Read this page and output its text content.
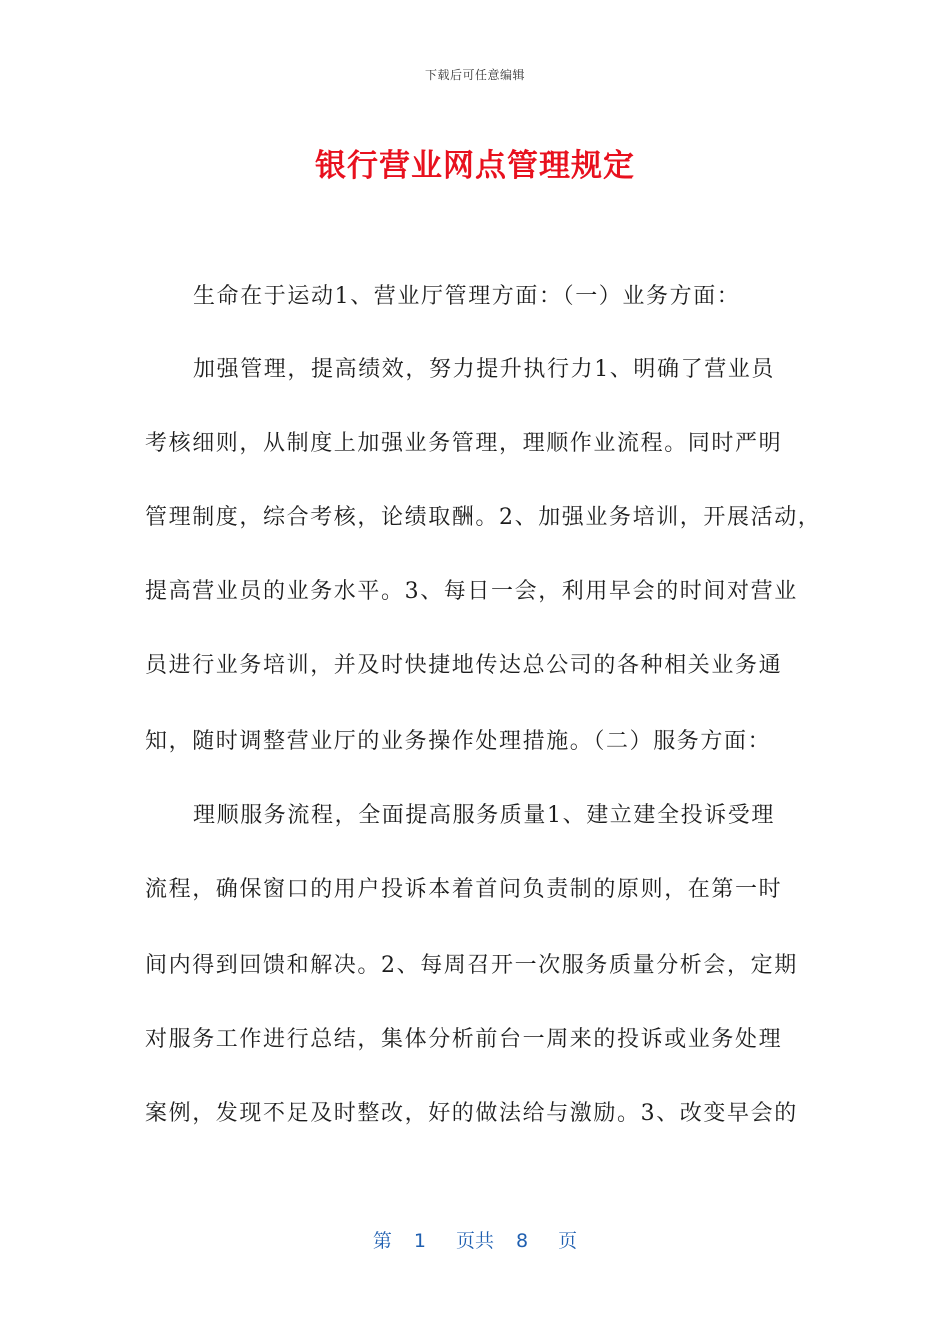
下载后可任意编辑
银行营业网点管理规定
生命在于运动1、营业厅管理方面：（一）业务方面：
加强管理，提高绩效，努力提升执行力1、明确了营业员
考核细则，从制度上加强业务管理，理顺作业流程。同时严明
管理制度，综合考核，论绩取酬。2、加强业务培训，开展活动，
提高营业员的业务水平。3、每日一会，利用早会的时间对营业
员进行业务培训，并及时快捷地传达总公司的各种相关业务通
知，随时调整营业厅的业务操作处理措施。（二）服务方面：
理顺服务流程，全面提高服务质量1、建立建全投诉受理
流程，确保窗口的用户投诉本着首问负责制的原则，在第一时
间内得到回馈和解决。2、每周召开一次服务质量分析会，定期
对服务工作进行总结，集体分析前台一周来的投诉或业务处理
案例，发现不足及时整改，好的做法给与激励。3、改变早会的
第 1 页共 8 页
